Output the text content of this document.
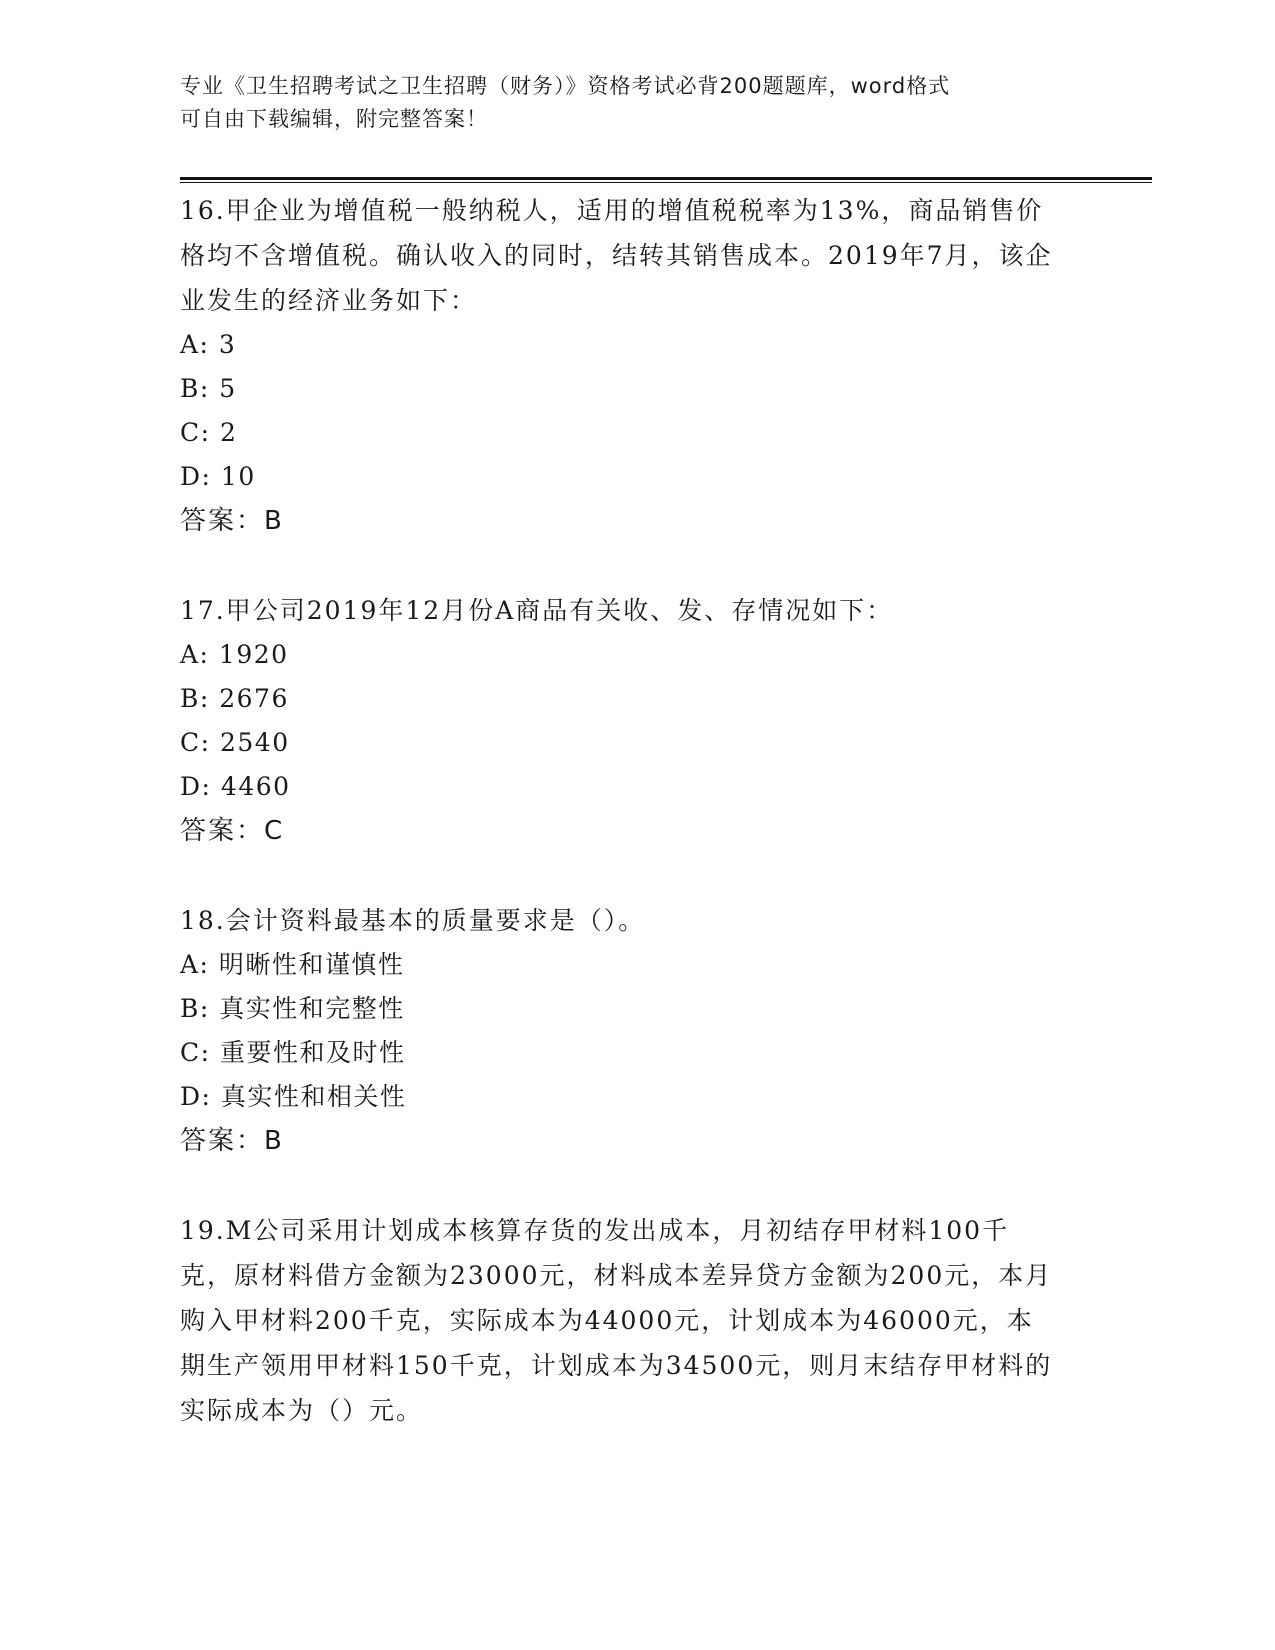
专业《卫生招聘考试之卫生招聘（财务）》资格考试必背200题题库，word格式
可自由下载编辑，附完整答案！

16.甲企业为增值税一般纳税人，适用的增值税税率为13%，商品销售价格均不含增值税。确认收入的同时，结转其销售成本。2019年7月，该企业发生的经济业务如下：

A: 3
B: 5
C: 2
D: 10
答案：B

17.甲公司2019年12月份A商品有关收、发、存情况如下：

A: 1920
B: 2676
C: 2540
D: 4460
答案：C

18.会计资料最基本的质量要求是（）。

A: 明晰性和谨慎性
B: 真实性和完整性
C: 重要性和及时性
D: 真实性和相关性
答案：B

19.M公司采用计划成本核算存货的发出成本，月初结存甲材料100千克，原材料借方金额为23000元，材料成本差异贷方金额为200元，本月购入甲材料200千克，实际成本为44000元，计划成本为46000元，本期生产领用甲材料150千克，计划成本为34500元，则月末结存甲材料的实际成本为（）元。
